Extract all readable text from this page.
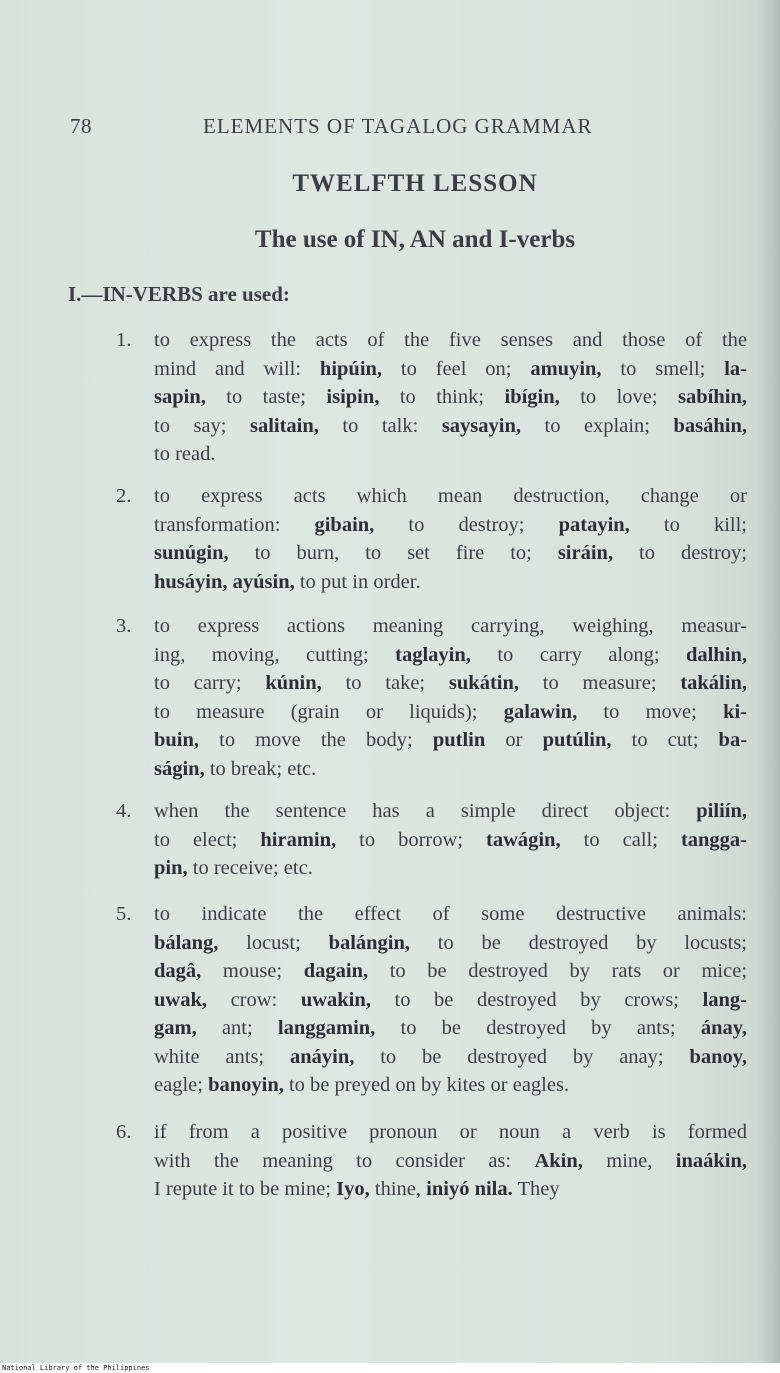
78	ELEMENTS OF TAGALOG GRAMMAR
TWELFTH LESSON
The use of IN, AN and I-verbs
I.—IN-VERBS are used:
1. to express the acts of the five senses and those of the
mind and will: hipúin, to feel on; amuyin, to smell; la-
sapin, to taste; isipin, to think; ibígin, to love; sabíhin,
to say; salitain, to talk: saysayin, to explain; basáhin,
to read.
2. to express acts which mean destruction, change or
transformation: gibain, to destroy; patayin, to kill;
sunúgin, to burn, to set fire to; siráin, to destroy;
husáyin, ayúsin, to put in order.
3. to express actions meaning carrying, weighing, measur-
ing, moving, cutting; taglayin, to carry along; dalhin,
to carry; kúnin, to take; sukátin, to measure; takálin,
to measure (grain or liquids); galawin, to move; ki-
buin, to move the body; putlin or putúlin, to cut; ba-
ságin, to break; etc.
4. when the sentence has a simple direct object: piliín,
to elect; hiramin, to borrow; tawágin, to call; tangga-
pin, to receive; etc.
5. to indicate the effect of some destructive animals:
bálang, locust; balángin, to be destroyed by locusts;
dagâ, mouse; dagain, to be destroyed by rats or mice;
uwak, crow: uwakin, to be destroyed by crows; lang-
gam, ant; langgamin, to be destroyed by ants; ánay,
white ants; anáyin, to be destroyed by anay; banoy,
eagle; banoyin, to be preyed on by kites or eagles.
6. if from a positive pronoun or noun a verb is formed
with the meaning to consider as: Akin, mine, inaákin,
I repute it to be mine; Iyo, thine, iniyó nila. They
National Library of the Philippines
